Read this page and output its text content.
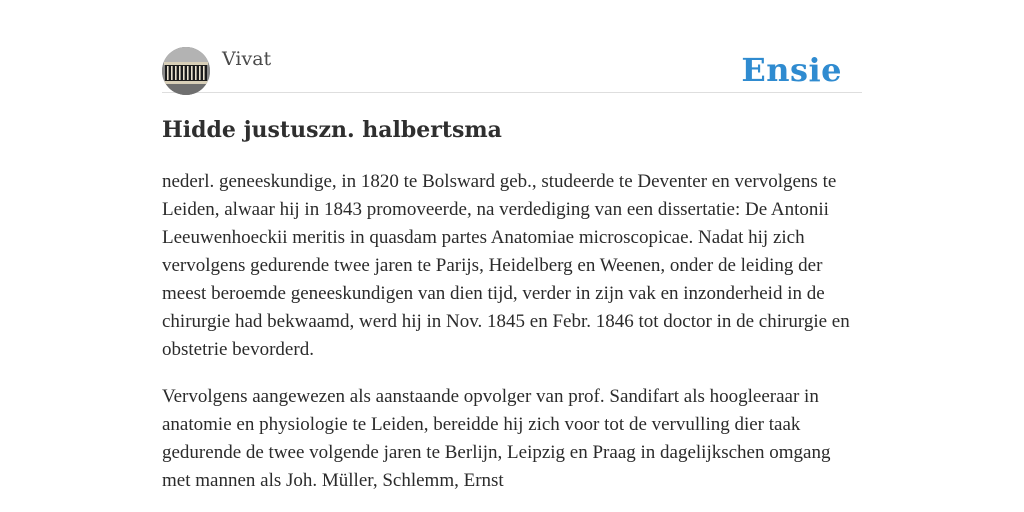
Vivat	Ensie
Hidde justuszn. halbertsma

nederl. geneeskundige, in 1820 te Bolsward geb., studeerde te Deventer en vervolgens te Leiden, alwaar hij in 1843 promoveerde, na verdediging van een dissertatie: De Antonii Leeuwenhoeckii meritis in quasdam partes Anatomiae microscopicae. Nadat hij zich vervolgens gedurende twee jaren te Parijs, Heidelberg en Weenen, onder de leiding der meest beroemde geneeskundigen van dien tijd, verder in zijn vak en inzonderheid in de chirurgie had bekwaamd, werd hij in Nov. 1845 en Febr. 1846 tot doctor in de chirurgie en obstetrie bevorderd.

Vervolgens aangewezen als aanstaande opvolger van prof. Sandifart als hoogleeraar in anatomie en physiologie te Leiden, bereidde hij zich voor tot de vervulling dier taak gedurende de twee volgende jaren te Berlijn, Leipzig en Praag in dagelijkschen omgang met mannen als Joh. Müller, Schlemm, Ernst
